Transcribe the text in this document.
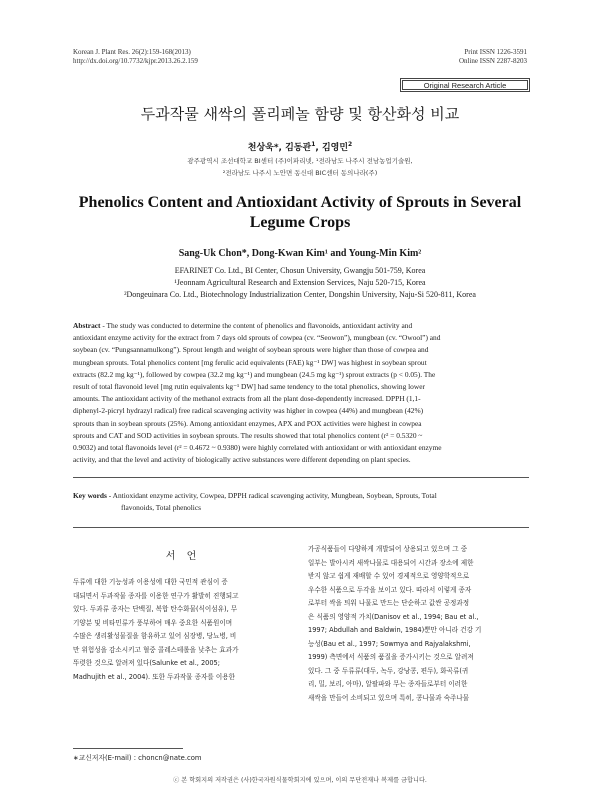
Korean J. Plant Res. 26(2):159-168(2013)
http://dx.doi.org/10.7732/kjpr.2013.26.2.159
Print ISSN 1226-3591
Online ISSN 2287-8203
Original Research Article
두과작물 새싹의 폴리페놀 함량 및 항산화성 비교
천상욱*, 김동관$^1$, 김영민$^2$
광주광역시 조선대학교 BI센터 (주)이파리넷, ¹전라남도 나주시 전남농업기술원,
²전라남도 나주시 노안면 동신대 BIC센터 동의나라(주)
Phenolics Content and Antioxidant Activity of Sprouts in Several
Legume Crops
Sang-Uk Chon*, Dong-Kwan Kim¹ and Young-Min Kim²
EFARINET Co. Ltd., BI Center, Chosun University, Gwangju 501-759, Korea
¹Jeonnam Agricultural Research and Extension Services, Naju 520-715, Korea
²Dongeuinara Co. Ltd., Biotechnology Industrialization Center, Dongshin University, Naju-Si 520-811, Korea
Abstract - The study was conducted to determine the content of phenolics and flavonoids, antioxidant activity and
antioxidant enzyme activity for the extract from 7 days old sprouts of cowpea (cv. “Seowon”), mungbean (cv. “Owool”) and
soybean (cv. “Pungsannamulkong”). Sprout length and weight of soybean sprouts were higher than those of cowpea and
mungbean sprouts. Total phenolics content [mg ferulic acid equivalents (FAE) kg⁻¹ DW] was highest in soybean sprout
extracts (82.2 mg kg⁻¹), followed by cowpea (32.2 mg kg⁻¹) and mungbean (24.5 mg kg⁻¹) sprout extracts (p < 0.05). The
result of total flavonoid level [mg rutin equivalents kg⁻¹ DW] had same tendency to the total phenolics, showing lower
amounts. The antioxidant activity of the methanol extracts from all the plant dose-dependently increased. DPPH (1,1-
diphenyl-2-picryl hydrazyl radical) free radical scavenging activity was higher in cowpea (44%) and mungbean (42%)
sprouts than in soybean sprouts (25%). Among antioxidant enzymes, APX and POX activities were highest in cowpea
sprouts and CAT and SOD activities in soybean sprouts. The results showed that total phenolics content (r² = 0.5320 ~
0.9032) and total flavonoids level (r² = 0.4672 ~ 0.9380) were highly correlated with antioxidant or with antioxidant enzyme
activity, and that the level and activity of biologically active substances were different depending on plant species.
Key words - Antioxidant enzyme activity, Cowpea, DPPH radical scavenging activity, Mungbean, Soybean, Sprouts, Total
flavonoids, Total phenolics
서 언
두류에 대한 기능성과 이용성에 대한 국민적 관심이 증
대되면서 두과작물 종자를 이용한 연구가 활발히 진행되고
있다. 두과류 종자는 단백질, 복합 탄수화물(식이섬유), 무
기양분 및 비타민류가 풍부하여 매우 중요한 식품원이며
수많은 생리활성물질을 함유하고 있어 심장병, 당뇨병, 비
만 위험성을 감소시키고 혈중 콜레스테롤을 낮추는 효과가
뚜렷한 것으로 알려져 있다(Salunke et al., 2005;
Madhujith et al., 2004). 또한 두과작물 종자를 이용한
가공식품들이 다양하게 개발되어 상용되고 있으며 그 중
일부는 발아시켜 새싹나물로 대용되어 시간과 장소에 제한
받지 않고 쉽게 재배할 수 있어 경제적으로 영양학적으로
우수한 식품으로 두각을 보이고 있다. 따라서 이렇게 종자
로부터 싹을 틔워 나물로 만드는 단순하고 값싼 공정과정
은 식품의 영양적 가치(Danisov et al., 1994; Bau et al.,
1997; Abdullah and Baldwin, 1984)뿐만 아니라 건강 기
능성(Bau et al., 1997; Sowmya and Rajyalakshmi,
1999) 측면에서 식품의 품질을 증가시키는 것으로 알려져
있다. 그 중 두류류(대두, 녹두, 강낭콩, 편두), 화곡류(귀
리, 밀, 보리, 아마), 알팔파와 무는 종자들로부터 이러한
새싹을 만들어 소비되고 있으며 특히, 콩나물과 숙주나물
∗교신저자(E-mail) : choncn@nate.com
ⓒ 본 학회지의 저작권은 (사)한국자원식물학회지에 있으며, 이의 무단전재나 복제를 금합니다.
